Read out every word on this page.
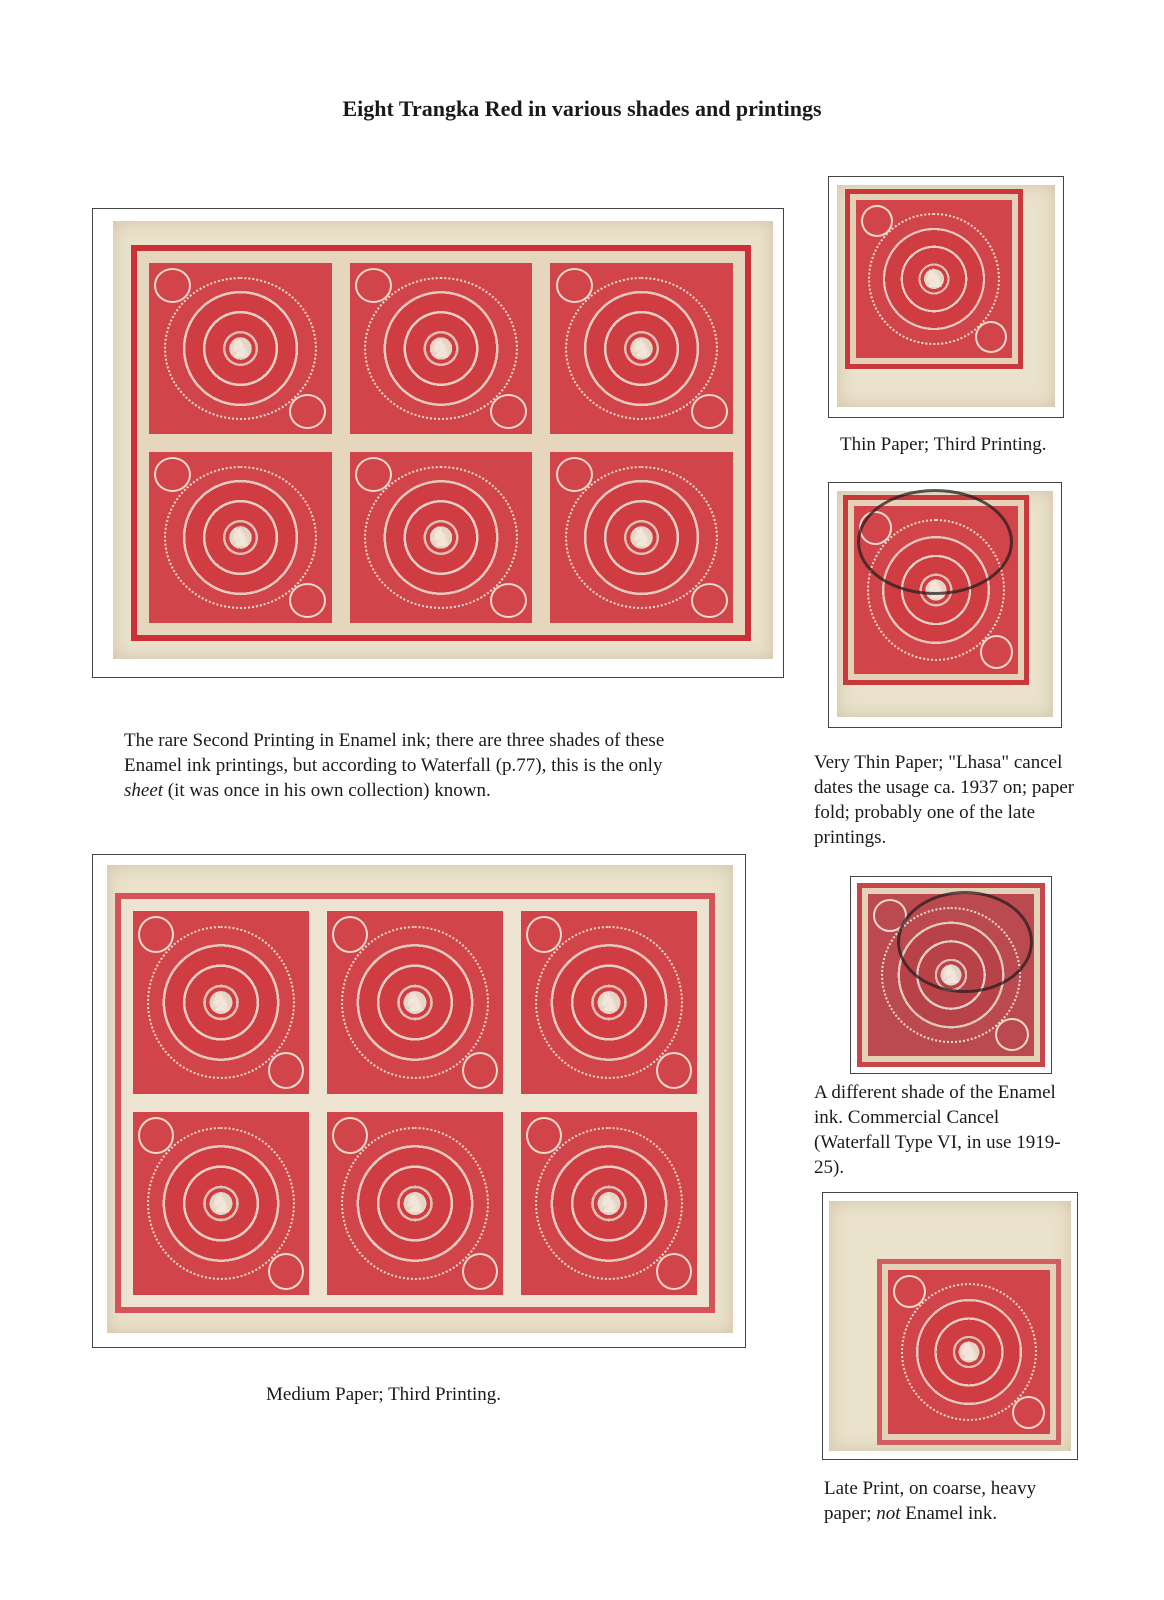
Eight Trangka Red in various shades and printings
♞	♞	♞
♞	♞	♞

The rare Second Printing in Enamel ink; there are three shades of these Enamel ink printings, but according to Waterfall (p.77), this is the only sheet (it was once in his own collection) known.

♞	♞	♞
♞	♞	♞
Medium Paper; Third Printing.
♞
Thin Paper; Third Printing.
♞
Very Thin Paper; "Lhasa" cancel dates the usage ca. 1937 on; paper fold; probably one of the late printings.
♞
A different shade of the Enamel ink. Commercial Cancel (Waterfall Type VI, in use 1919-25).
♞

Late Print, on coarse, heavy paper; not Enamel ink.
